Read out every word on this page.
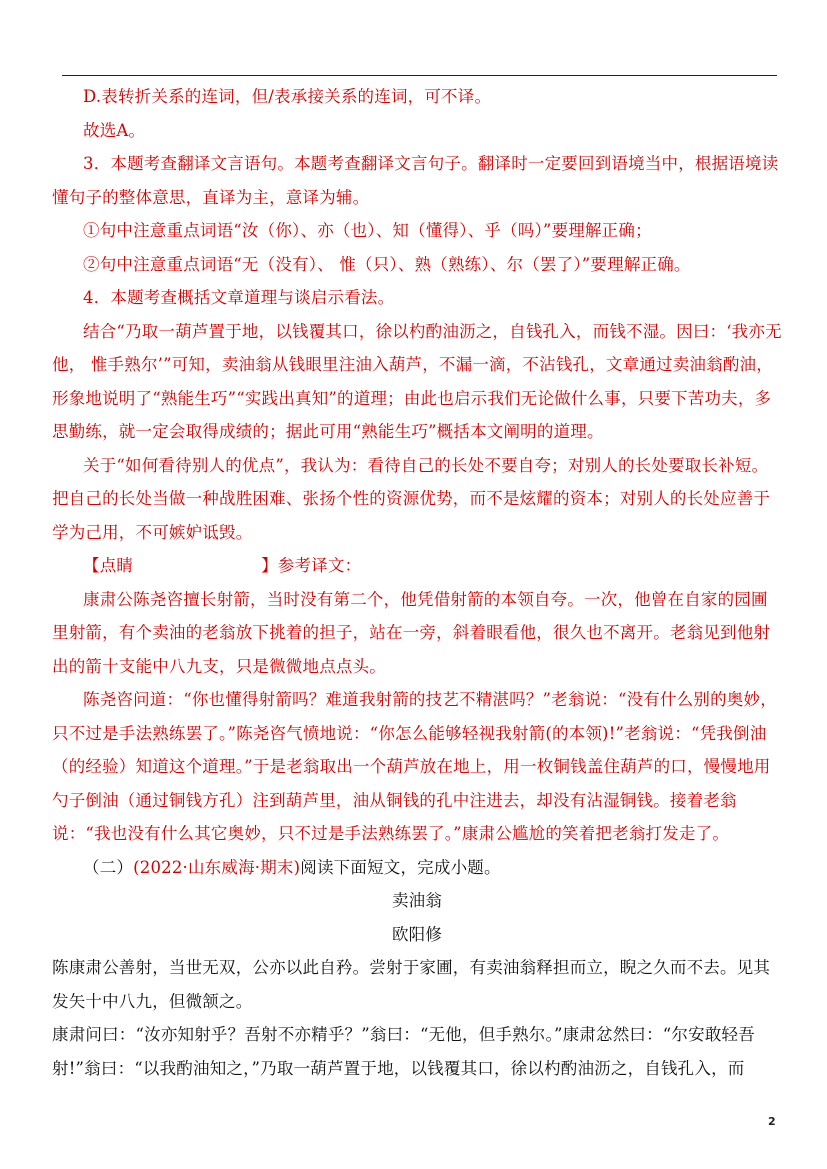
D.表转折关系的连词，但/表承接关系的连词，可不译。

故选A。

3．本题考查翻译文言语句。本题考查翻译文言句子。翻译时一定要回到语境当中，根据语境读懂句子的整体意思，直译为主，意译为辅。

①句中注意重点词语“汝（你）、亦（也）、知（懂得）、乎（吗）”要理解正确；

②句中注意重点词语“无（没有）、 惟（只）、熟（熟练）、尔（罢了）”要理解正确。

4．本题考查概括文章道理与谈启示看法。

结合“乃取一葫芦置于地，以钱覆其口，徐以杓酌油沥之，自钱孔入，而钱不湿。因曰：‘我亦无他， 惟手熟尔’”可知，卖油翁从钱眼里注油入葫芦，不漏一滴，不沾钱孔，文章通过卖油翁酌油，形象地说明了“熟能生巧”“实践出真知”的道理；由此也启示我们无论做什么事，只要下苦功夫，多思勤练，就一定会取得成绩的；据此可用“熟能生巧”概括本文阐明的道理。

关于“如何看待别人的优点”，我认为：看待自己的长处不要自夸；对别人的长处要取长补短。把自己的长处当做一种战胜困难、张扬个性的资源优势，而不是炫耀的资本；对别人的长处应善于学为己用，不可嫉妒诋毁。

【点睛	】参考译文：

康肃公陈尧咨擅长射箭，当时没有第二个，他凭借射箭的本领自夸。一次，他曾在自家的园圃里射箭，有个卖油的老翁放下挑着的担子，站在一旁，斜着眼看他，很久也不离开。老翁见到他射出的箭十支能中八九支，只是微微地点点头。

陈尧咨问道：“你也懂得射箭吗？难道我射箭的技艺不精湛吗？”老翁说：“没有什么别的奥妙，只不过是手法熟练罢了。”陈尧咨气愤地说：“你怎么能够轻视我射箭(的本领)!”老翁说：“凭我倒油（的经验）知道这个道理。”于是老翁取出一个葫芦放在地上，用一枚铜钱盖住葫芦的口，慢慢地用勺子倒油（通过铜钱方孔）注到葫芦里，油从铜钱的孔中注进去，却没有沾湿铜钱。接着老翁说：“我也没有什么其它奥妙，只不过是手法熟练罢了。”康肃公尴尬的笑着把老翁打发走了。

（二）(2022·山东威海·期末)阅读下面短文，完成小题。

卖油翁

欧阳修

陈康肃公善射，当世无双，公亦以此自矜。尝射于家圃，有卖油翁释担而立，睨之久而不去。见其发矢十中八九，但微颔之。

康肃问曰：“汝亦知射乎？吾射不亦精乎？”翁曰：“无他，但手熟尔。”康肃忿然曰：“尔安敢轻吾射!”翁曰：“以我酌油知之，”乃取一葫芦置于地，以钱覆其口，徐以杓酌油沥之，自钱孔入，而

2
